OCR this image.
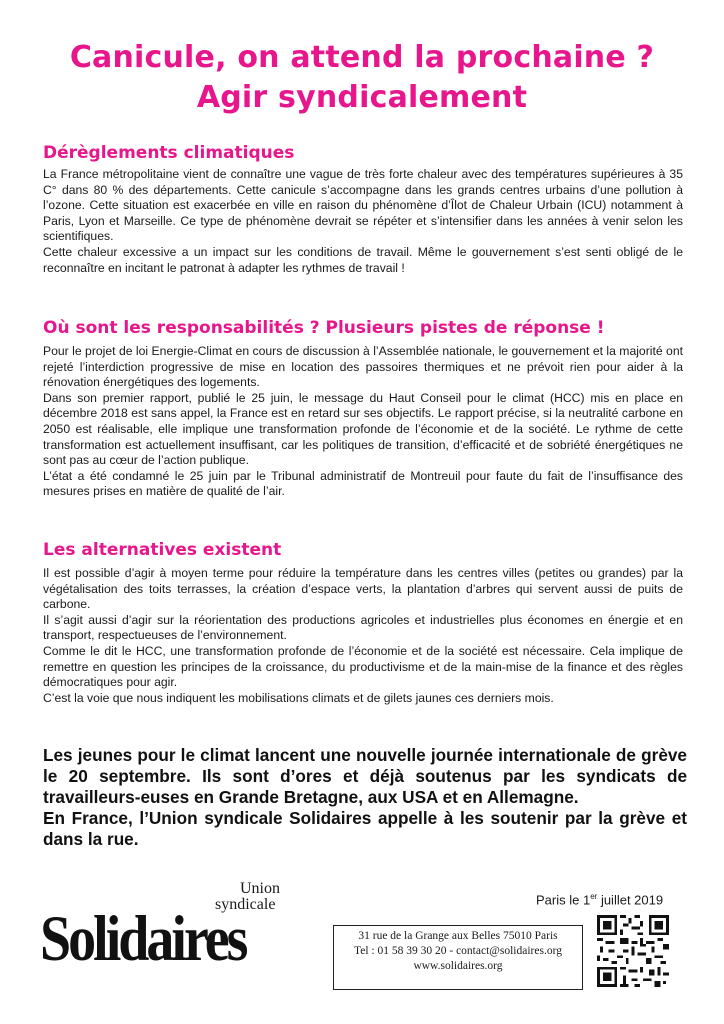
Canicule, on attend la prochaine ?
Agir syndicalement
Dérèglements climatiques

La France métropolitaine vient de connaître une vague de très forte chaleur avec des températures supérieures à 35 C° dans 80 % des départements. Cette canicule s’accompagne dans les grands centres urbains d’une pollution à l’ozone. Cette situation est exacerbée en ville en raison du phénomène d’Îlot de Chaleur Urbain (ICU) notamment à Paris, Lyon et Marseille. Ce type de phénomène devrait se répéter et s’intensifier dans les années à venir selon les scientifiques.

Cette chaleur excessive a un impact sur les conditions de travail. Même le gouvernement s’est senti obligé de le reconnaître en incitant le patronat à adapter les rythmes de travail !

Où sont les responsabilités ? Plusieurs pistes de réponse !

Pour le projet de loi Energie-Climat en cours de discussion à l’Assemblée nationale, le gouvernement et la majorité ont rejeté l’interdiction progressive de mise en location des passoires thermiques et ne prévoit rien pour aider à la rénovation énergétiques des logements.

Dans son premier rapport, publié le 25 juin, le message du Haut Conseil pour le climat (HCC) mis en place en décembre 2018 est sans appel, la France est en retard sur ses objectifs. Le rapport précise, si la neutralité carbone en 2050 est réalisable, elle implique une transformation profonde de l’économie et de la société. Le rythme de cette transformation est actuellement insuffisant, car les politiques de transition, d’efficacité et de sobriété énergétiques ne sont pas au cœur de l’action publique.

L’état a été condamné le 25 juin par le Tribunal administratif de Montreuil pour faute du fait de l’insuffisance des mesures prises en matière de qualité de l’air.

Les alternatives existent

Il est possible d’agir à moyen terme pour réduire la température dans les centres villes (petites ou grandes) par la végétalisation des toits terrasses, la création d’espace verts, la plantation d’arbres qui servent aussi de puits de carbone.

Il s’agit aussi d’agir sur la réorientation des productions agricoles et industrielles plus économes en énergie et en transport, respectueuses de l’environnement.

Comme le dit le HCC, une transformation profonde de l’économie et de la société est nécessaire. Cela implique de remettre en question les principes de la croissance, du productivisme et de la main-mise de la finance et des règles démocratiques pour agir.

C’est la voie que nous indiquent les mobilisations climats et de gilets jaunes ces derniers mois.

Les jeunes pour le climat lancent une nouvelle journée internationale de grève le 20 septembre. Ils sont d’ores et déjà soutenus par les syndicats de travailleurs-euses en Grande Bretagne, aux USA et en Allemagne.

En France, l’Union syndicale Solidaires appelle à les soutenir par la grève et dans la rue.

Union
syndicale
Solidaires
Paris le 1er juillet 2019
31 rue de la Grange aux Belles 75010 Paris
Tel : 01 58 39 30 20 - contact@solidaires.org
www.solidaires.org
